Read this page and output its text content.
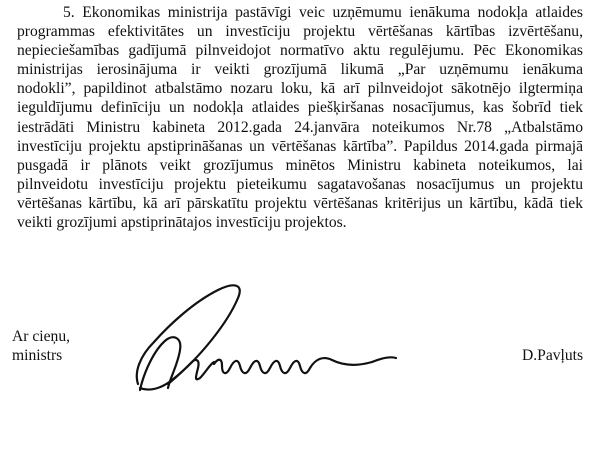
5. Ekonomikas ministrija pastāvīgi veic uzņēmumu ienākuma nodokļa atlaides
programmas efektivitātes un investīciju projektu vērtēšanas kārtības izvērtēšanu,
nepieciešamības gadījumā pilnveidojot normatīvo aktu regulējumu. Pēc Ekonomikas
ministrijas ierosinājuma ir veikti grozījumā likumā „Par uzņēmumu ienākuma
nodokli”, papildinot atbalstāmo nozaru loku, kā arī pilnveidojot sākotnējo ilgtermiņa
ieguldījumu definīciju un nodokļa atlaides piešķiršanas nosacījumus, kas šobrīd tiek
iestrādāti Ministru kabineta 2012.gada 24.janvāra noteikumos Nr.78 „Atbalstāmo
investīciju projektu apstiprināšanas un vērtēšanas kārtība”. Papildus 2014.gada pirmajā
pusgadā ir plānots veikt grozījumus minētos Ministru kabineta noteikumos, lai
pilnveidotu investīciju projektu pieteikumu sagatavošanas nosacījumus un projektu
vērtēšanas kārtību, kā arī pārskatītu projektu vērtēšanas kritērijus un kārtību, kādā tiek
veikti grozījumi apstiprinātajos investīciju projektos.
Ar cieņu,
ministrs	D.Pavļuts
